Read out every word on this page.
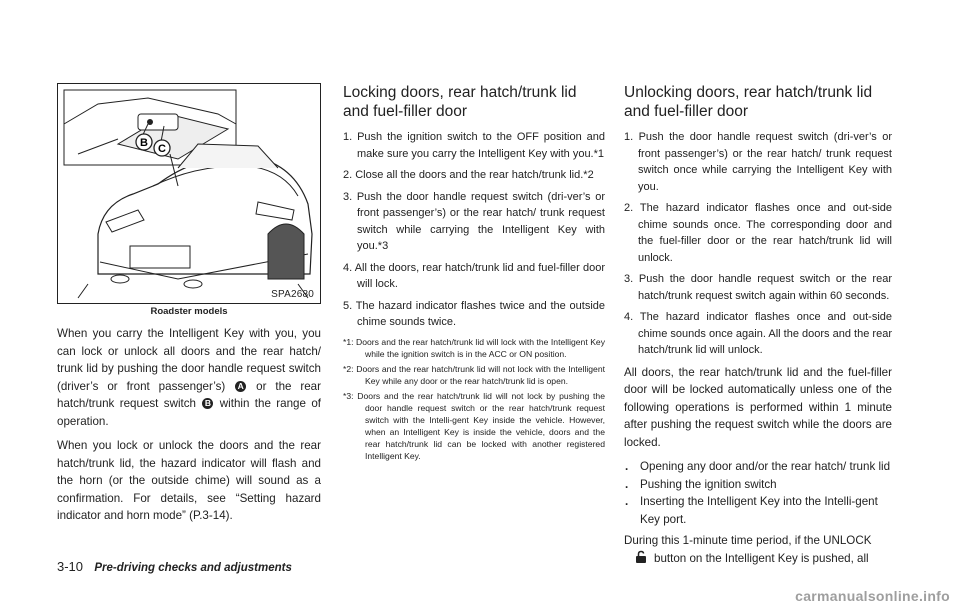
B C
SPA2680
Roadster models

When you carry the Intelligent Key with you, you can lock or unlock all doors and the rear hatch/ trunk lid by pushing the door handle request switch (driver’s or front passenger’s) A or the rear hatch/trunk request switch B within the range of operation.

When you lock or unlock the doors and the rear hatch/trunk lid, the hazard indicator will flash and the horn (or the outside chime) will sound as a confirmation. For details, see “Setting hazard indicator and horn mode” (P.3-14).

Locking doors, rear hatch/trunk lid and fuel-filler door
1. Push the ignition switch to the OFF position and make sure you carry the Intelligent Key with you.*1
2. Close all the doors and the rear hatch/trunk lid.*2
3. Push the door handle request switch (dri-ver’s or front passenger’s) or the rear hatch/ trunk request switch while carrying the Intelligent Key with you.*3
4. All the doors, rear hatch/trunk lid and fuel-filler door will lock.
5. The hazard indicator flashes twice and the outside chime sounds twice.
*1: Doors and the rear hatch/trunk lid will lock with the Intelligent Key while the ignition switch is in the ACC or ON position.
*2: Doors and the rear hatch/trunk lid will not lock with the Intelligent Key while any door or the rear hatch/trunk lid is open.
*3: Doors and the rear hatch/trunk lid will not lock by pushing the door handle request switch or the rear hatch/trunk request switch with the Intelli-gent Key inside the vehicle. However, when an Intelligent Key is inside the vehicle, doors and the rear hatch/trunk lid can be locked with another registered Intelligent Key.
Unlocking doors, rear hatch/trunk lid and fuel-filler door
1. Push the door handle request switch (dri-ver’s or front passenger’s) or the rear hatch/ trunk request switch once while carrying the Intelligent Key with you.
2. The hazard indicator flashes once and out-side chime sounds once. The corresponding door and the fuel-filler door or the rear hatch/trunk lid will unlock.
3. Push the door handle request switch or the rear hatch/trunk request switch again within 60 seconds.
4. The hazard indicator flashes once and out-side chime sounds once again. All the doors and the rear hatch/trunk lid will unlock.

All doors, the rear hatch/trunk lid and the fuel-filler door will be locked automatically unless one of the following operations is performed within 1 minute after pushing the request switch while the doors are locked.

. Opening any door and/or the rear hatch/ trunk lid
. Pushing the ignition switch
. Inserting the Intelligent Key into the Intelli-gent Key port.
During this 1-minute time period, if the UNLOCK
button on the Intelligent Key is pushed, all
3-10 Pre-driving checks and adjustments
carmanualsonline.info
